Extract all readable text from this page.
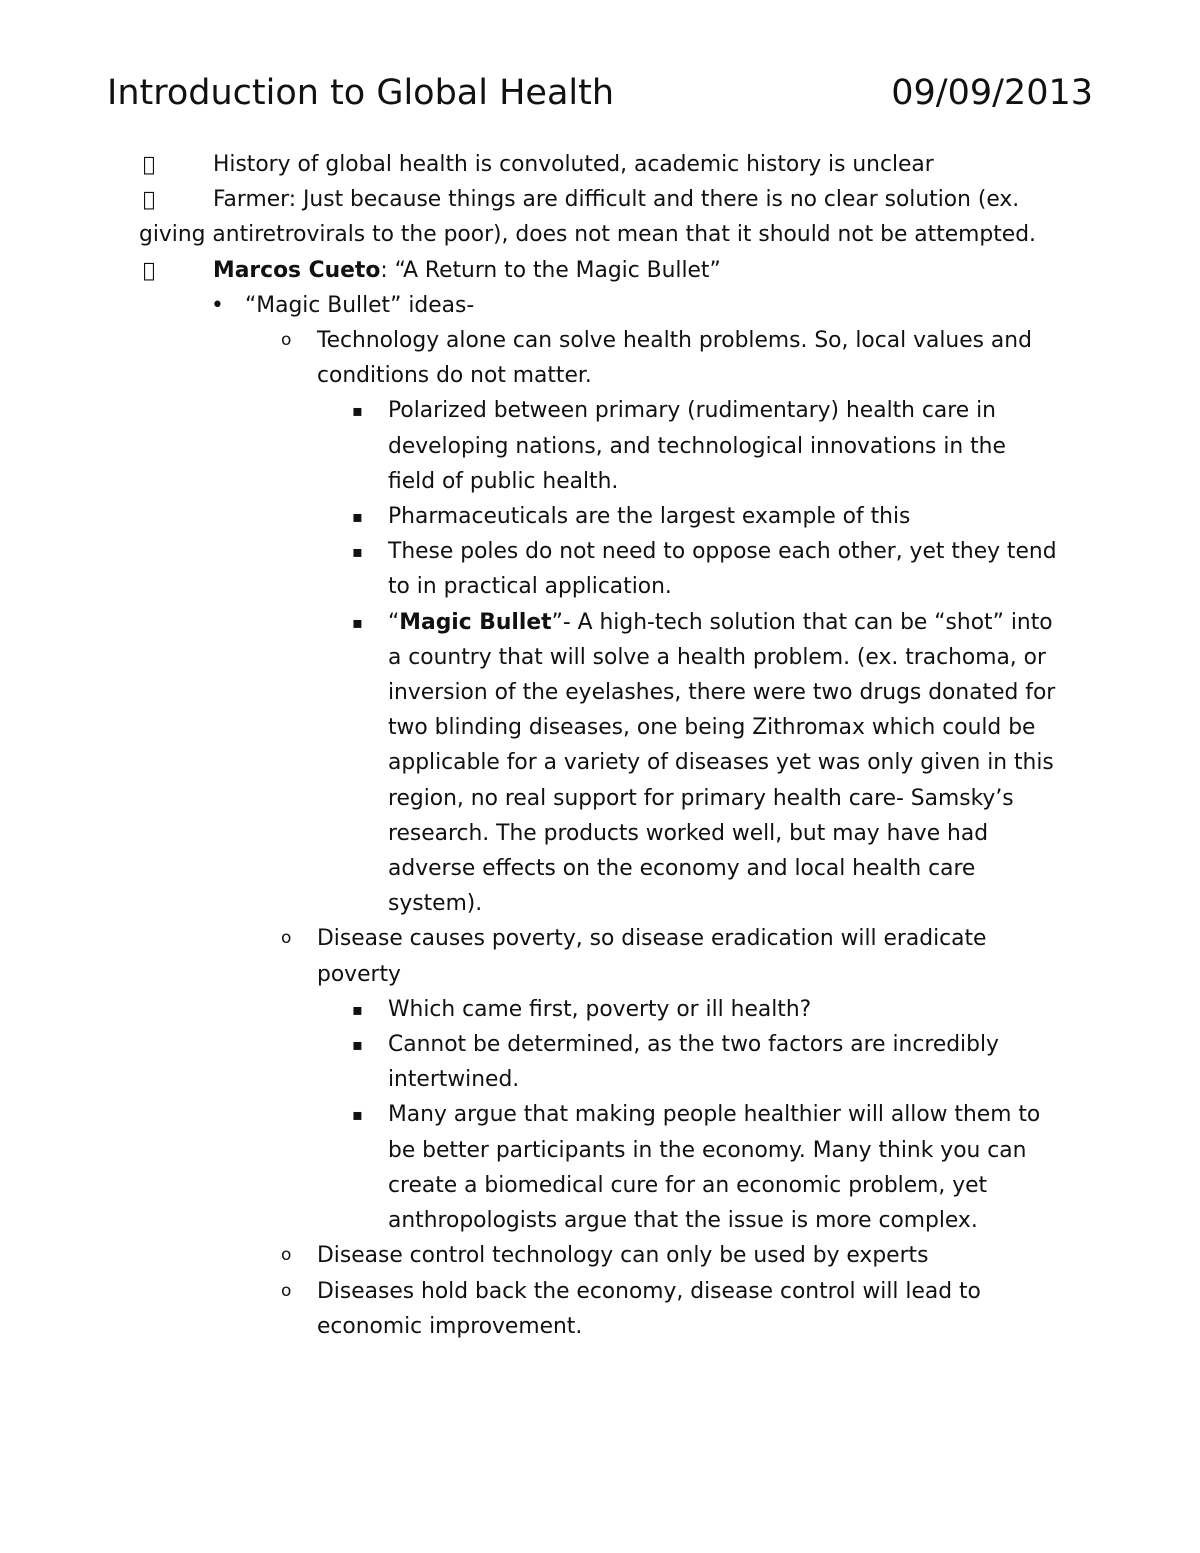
Introduction to Global Health	09/09/2013
History of global health is convoluted, academic history is unclear
Farmer: Just because things are difficult and there is no clear solution (ex. giving antiretrovirals to the poor), does not mean that it should not be attempted.
Marcos Cueto: “A Return to the Magic Bullet”
• “Magic Bullet” ideas-
o Technology alone can solve health problems. So, local values and conditions do not matter.
▪ Polarized between primary (rudimentary) health care in developing nations, and technological innovations in the field of public health.
▪ Pharmaceuticals are the largest example of this
▪ These poles do not need to oppose each other, yet they tend to in practical application.
▪ “Magic Bullet”- A high-tech solution that can be “shot” into a country that will solve a health problem. (ex. trachoma, or inversion of the eyelashes, there were two drugs donated for two blinding diseases, one being Zithromax which could be applicable for a variety of diseases yet was only given in this region, no real support for primary health care- Samsky’s research. The products worked well, but may have had adverse effects on the economy and local health care system).
o Disease causes poverty, so disease eradication will eradicate poverty
▪ Which came first, poverty or ill health?
▪ Cannot be determined, as the two factors are incredibly intertwined.
▪ Many argue that making people healthier will allow them to be better participants in the economy. Many think you can create a biomedical cure for an economic problem, yet anthropologists argue that the issue is more complex.
o Disease control technology can only be used by experts
o Diseases hold back the economy, disease control will lead to economic improvement.
